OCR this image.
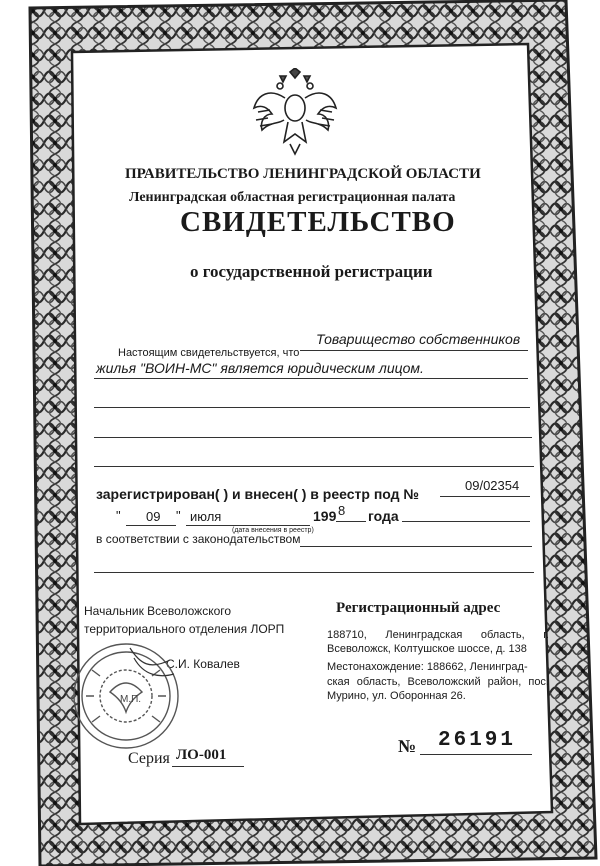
ПРАВИТЕЛЬСТВО ЛЕНИНГРАДСКОЙ ОБЛАСТИ
Ленинградская областная регистрационная палата
СВИДЕТЕЛЬСТВО
о государственной регистрации
Настоящим свидетельствуется, что
Товарищество собственников
жилья "ВОИН-МС" является юридическим лицом.
зарегистрирован( ) и внесен( ) в реестр под №
09/02354
" 09 " июля	199 8 года
(дата внесения в реестр)
в соответствии с законодательством
Начальник Всеволожского
территориального отделения ЛОРП
С.И. Ковалев
М.П.
Регистрационный адрес
188710, Ленинградская область, г. Всеволожск, Колтушское шоссе, д. 138
Местонахождение: 188662, Ленинград-
ская область, Всеволожский район, пос. Мурино, ул. Оборонная 26.
Серия ЛО-001	№ 26191
